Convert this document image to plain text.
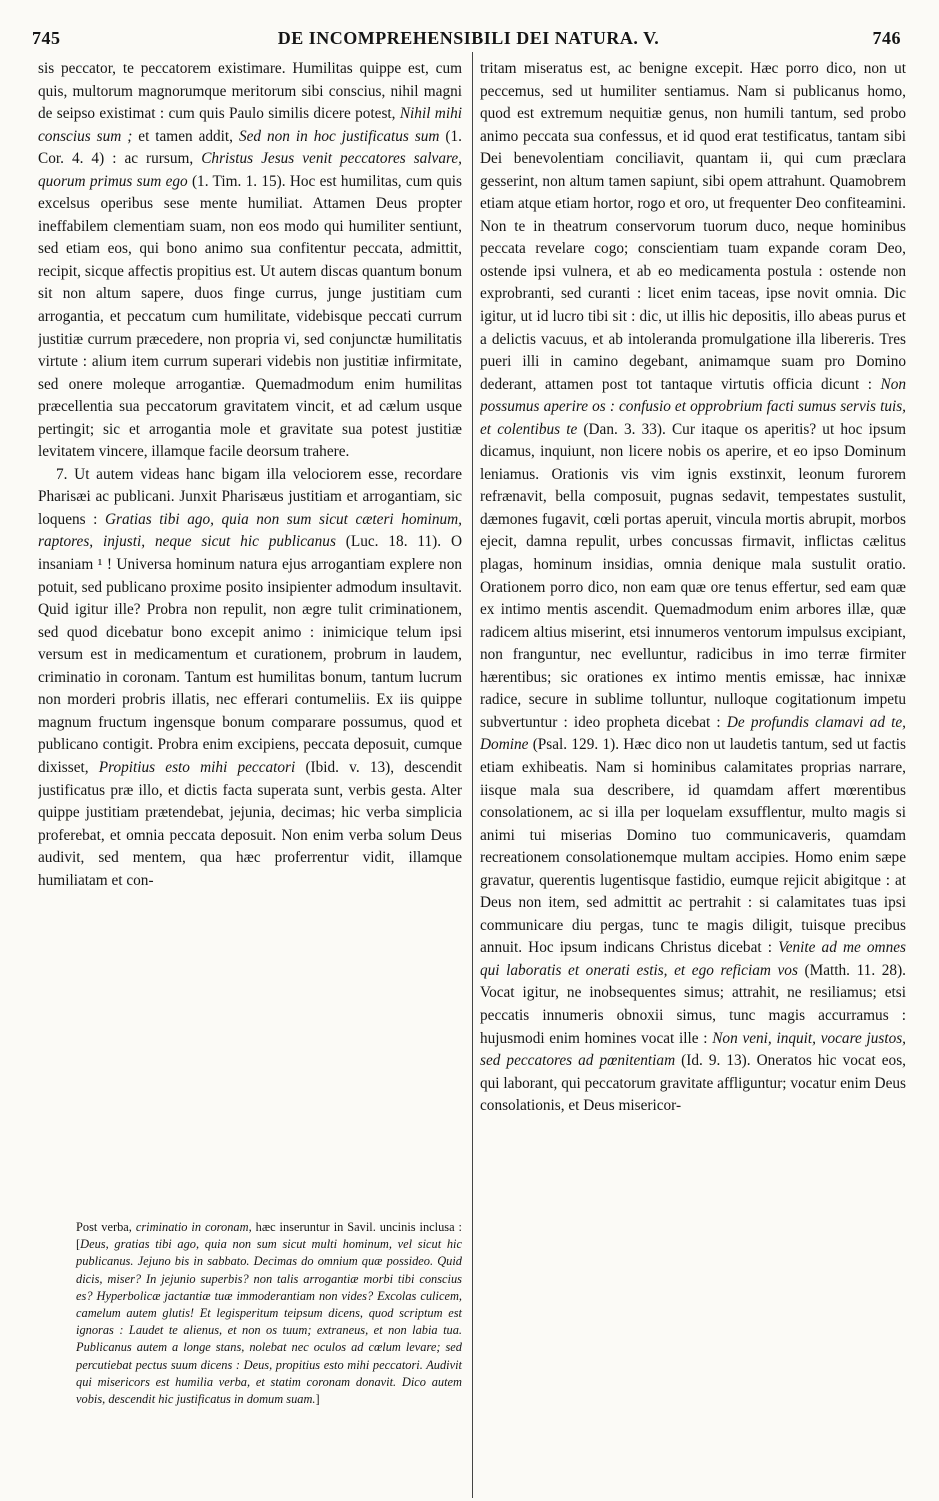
745	DE INCOMPREHENSIBILI DEI NATURA. V.	746

sis peccator, te peccatorem existimare. Humilitas quippe est, cum quis, multorum magnorumque meritorum sibi conscius, nihil magni de seipso existimat : cum quis Paulo similis dicere potest, Nihil mihi conscius sum ; et tamen addit, Sed non in hoc justificatus sum (1. Cor. 4. 4) : ac rursum, Christus Jesus venit peccatores salvare, quorum primus sum ego (1. Tim. 1. 15). Hoc est humilitas, cum quis excelsus operibus sese mente humiliat. Attamen Deus propter ineffabilem clementiam suam, non eos modo qui humiliter sentiunt, sed etiam eos, qui bono animo sua confitentur peccata, admittit, recipit, sicque affectis propitius est. Ut autem discas quantum bonum sit non altum sapere, duos finge currus, junge justitiam cum arrogantia, et peccatum cum humilitate, videbisque peccati currum justitiæ currum præcedere, non propria vi, sed conjunctæ humilitatis virtute : alium item currum superari videbis non justitiæ infirmitate, sed onere moleque arrogantiæ. Quemadmodum enim humilitas præcellentia sua peccatorum gravitatem vincit, et ad cælum usque pertingit; sic et arrogantia mole et gravitate sua potest justitiæ levitatem vincere, illamque facile deorsum trahere.

7. Ut autem videas hanc bigam illa velociorem esse, recordare Pharisæi ac publicani. Junxit Pharisæus justitiam et arrogantiam, sic loquens : Gratias tibi ago, quia non sum sicut cæteri hominum, raptores, injusti, neque sicut hic publicanus (Luc. 18. 11). O insaniam ¹ ! Universa hominum natura ejus arrogantiam explere non potuit, sed publicano proxime posito insipienter admodum insultavit. Quid igitur ille? Probra non repulit, non ægre tulit criminationem, sed quod dicebatur bono excepit animo : inimicique telum ipsi versum est in medicamentum et curationem, probrum in laudem, criminatio in coronam. Tantum est humilitas bonum, tantum lucrum non morderi probris illatis, nec efferari contumeliis. Ex iis quippe magnum fructum ingensque bonum comparare possumus, quod et publicano contigit. Probra enim excipiens, peccata deposuit, cumque dixisset, Propitius esto mihi peccatori (Ibid. v. 13), descendit justificatus præ illo, et dictis facta superata sunt, verbis gesta. Alter quippe justitiam prætendebat, jejunia, decimas; hic verba simplicia proferebat, et omnia peccata deposuit. Non enim verba solum Deus audivit, sed mentem, qua hæc proferrentur vidit, illamque humiliatam et con-

Post verba, criminatio in coronam, hæc inseruntur in Savil. uncinis inclusa : [Deus, gratias tibi ago, quia non sum sicut multi hominum, vel sicut hic publicanus. Jejuno bis in sabbato. Decimas do omnium quæ possideo. Quid dicis, miser? In jejunio superbis? non talis arrogantiæ morbi tibi conscius es? Hyperbolicæ jactantiæ tuæ immoderantiam non vides? Excolas culicem, camelum autem glutis! Et legisperitum teipsum dicens, quod scriptum est ignoras : Laudet te alienus, et non os tuum; extraneus, et non labia tua. Publicanus autem a longe stans, nolebat nec oculos ad cœlum levare; sed percutiebat pectus suum dicens : Deus, propitius esto mihi peccatori. Audivit qui misericors est humilia verba, et statim coronam donavit. Dico autem vobis, descendit hic justificatus in domum suam.]

tritam miseratus est, ac benigne excepit. Hæc porro dico, non ut peccemus, sed ut humiliter sentiamus. Nam si publicanus homo, quod est extremum nequitiæ genus, non humili tantum, sed probo animo peccata sua confessus, et id quod erat testificatus, tantam sibi Dei benevolentiam conciliavit, quantam ii, qui cum præclara gesserint, non altum tamen sapiunt, sibi opem attrahunt. Quamobrem etiam atque etiam hortor, rogo et oro, ut frequenter Deo confiteamini. Non te in theatrum conservorum tuorum duco, neque hominibus peccata revelare cogo; conscientiam tuam expande coram Deo, ostende ipsi vulnera, et ab eo medicamenta postula : ostende non exprobranti, sed curanti : licet enim taceas, ipse novit omnia. Dic igitur, ut id lucro tibi sit : dic, ut illis hic depositis, illo abeas purus et a delictis vacuus, et ab intoleranda promulgatione illa libereris. Tres pueri illi in camino degebant, animamque suam pro Domino dederant, attamen post tot tantaque virtutis officia dicunt : Non possumus aperire os : confusio et opprobrium facti sumus servis tuis, et colentibus te (Dan. 3. 33). Cur itaque os aperitis? ut hoc ipsum dicamus, inquiunt, non licere nobis os aperire, et eo ipso Dominum leniamus. Orationis vis vim ignis exstinxit, leonum furorem refrænavit, bella composuit, pugnas sedavit, tempestates sustulit, dæmones fugavit, cœli portas aperuit, vincula mortis abrupit, morbos ejecit, damna repulit, urbes concussas firmavit, inflictas cælitus plagas, hominum insidias, omnia denique mala sustulit oratio. Orationem porro dico, non eam quæ ore tenus effertur, sed eam quæ ex intimo mentis ascendit. Quemadmodum enim arbores illæ, quæ radicem altius miserint, etsi innumeros ventorum impulsus excipiant, non franguntur, nec evelluntur, radicibus in imo terræ firmiter hærentibus; sic orationes ex intimo mentis emissæ, hac innixæ radice, secure in sublime tolluntur, nulloque cogitationum impetu subvertuntur : ideo propheta dicebat : De profundis clamavi ad te, Domine (Psal. 129. 1). Hæc dico non ut laudetis tantum, sed ut factis etiam exhibeatis. Nam si hominibus calamitates proprias narrare, iisque mala sua describere, id quamdam affert mœrentibus consolationem, ac si illa per loquelam exsufflentur, multo magis si animi tui miserias Domino tuo communicaveris, quamdam recreationem consolationemque multam accipies. Homo enim sæpe gravatur, querentis lugentisque fastidio, eumque rejicit abigitque : at Deus non item, sed admittit ac pertrahit : si calamitates tuas ipsi communicare diu pergas, tunc te magis diligit, tuisque precibus annuit. Hoc ipsum indicans Christus dicebat : Venite ad me omnes qui laboratis et onerati estis, et ego reficiam vos (Matth. 11. 28). Vocat igitur, ne inobsequentes simus; attrahit, ne resiliamus; etsi peccatis innumeris obnoxii simus, tunc magis accurramus : hujusmodi enim homines vocat ille : Non veni, inquit, vocare justos, sed peccatores ad pœnitentiam (Id. 9. 13). Oneratos hic vocat eos, qui laborant, qui peccatorum gravitate affliguntur; vocatur enim Deus consolationis, et Deus misericor-
